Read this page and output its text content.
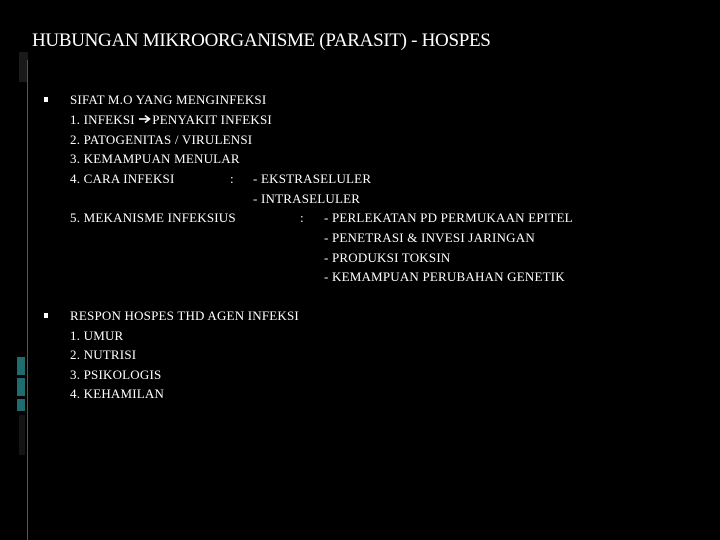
HUBUNGAN MIKROORGANISME (PARASIT) - HOSPES
SIFAT M.O YANG MENGINFEKSI
1. INFEKSI PENYAKIT INFEKSI
2. PATOGENITAS / VIRULENSI
3. KEMAMPUAN MENULAR
4. CARA INFEKSI	: - EKSTRASELULER
- INTRASELULER
5. MEKANISME INFEKSIUS	: - PERLEKATAN PD PERMUKAAN EPITEL
- PENETRASI & INVESI JARINGAN
- PRODUKSI TOKSIN
- KEMAMPUAN PERUBAHAN GENETIK
RESPON HOSPES THD AGEN INFEKSI
1. UMUR
2. NUTRISI
3. PSIKOLOGIS
4. KEHAMILAN
